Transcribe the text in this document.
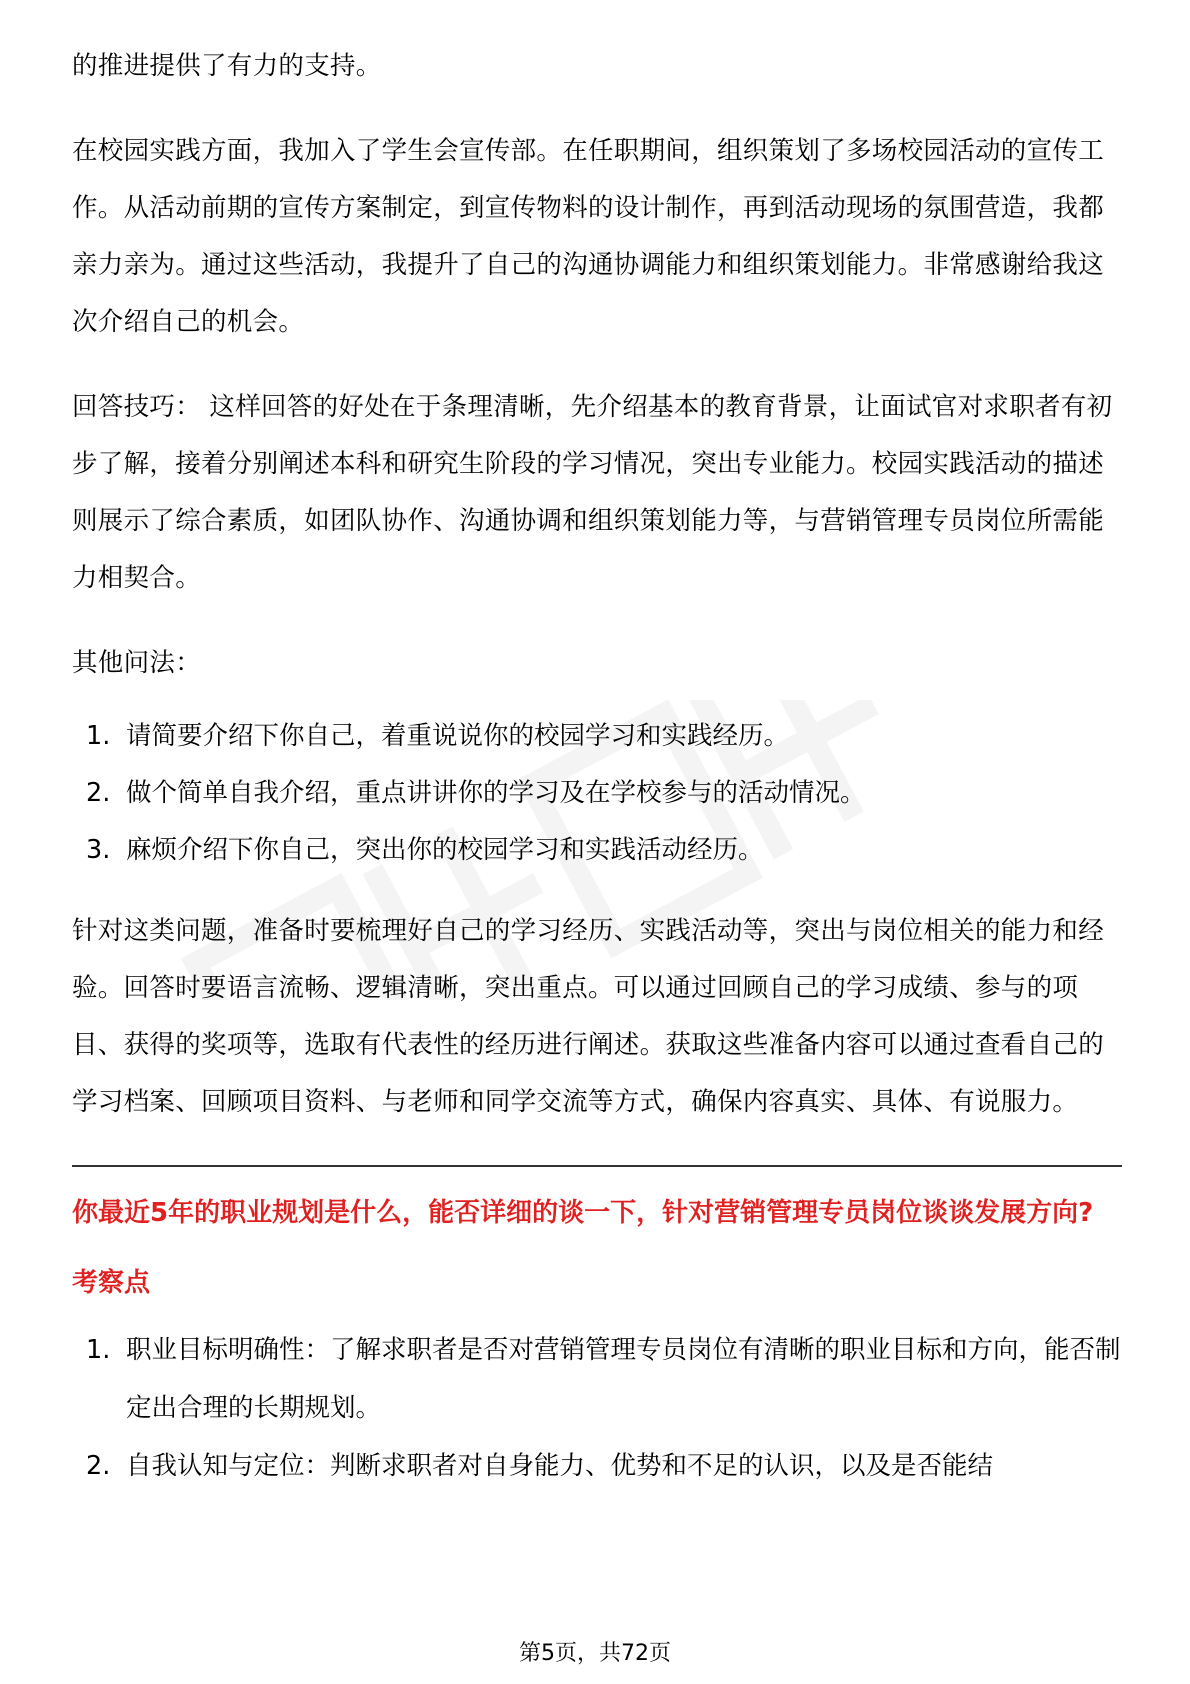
的推进提供了有力的支持。

在校园实践方面，我加入了学生会宣传部。在任职期间，组织策划了多场校园活动的宣传工作。从活动前期的宣传方案制定，到宣传物料的设计制作，再到活动现场的氛围营造，我都亲力亲为。通过这些活动，我提升了自己的沟通协调能力和组织策划能力。非常感谢给我这次介绍自己的机会。

回答技巧： 这样回答的好处在于条理清晰，先介绍基本的教育背景，让面试官对求职者有初步了解，接着分别阐述本科和研究生阶段的学习情况，突出专业能力。校园实践活动的描述则展示了综合素质，如团队协作、沟通协调和组织策划能力等，与营销管理专员岗位所需能力相契合。

其他问法：

1. 请简要介绍下你自己，着重说说你的校园学习和实践经历。
2. 做个简单自我介绍，重点讲讲你的学习及在学校参与的活动情况。
3. 麻烦介绍下你自己，突出你的校园学习和实践活动经历。

针对这类问题，准备时要梳理好自己的学习经历、实践活动等，突出与岗位相关的能力和经验。回答时要语言流畅、逻辑清晰，突出重点。可以通过回顾自己的学习成绩、参与的项目、获得的奖项等，选取有代表性的经历进行阐述。获取这些准备内容可以通过查看自己的学习档案、回顾项目资料、与老师和同学交流等方式，确保内容真实、具体、有说服力。

你最近5年的职业规划是什么，能否详细的谈一下，针对营销管理专员岗位谈谈发展方向?
考察点
1. 职业目标明确性：了解求职者是否对营销管理专员岗位有清晰的职业目标和方向，能否制定出合理的长期规划。
2. 自我认知与定位：判断求职者对自身能力、优势和不足的认识，以及是否能结
第5页，共72页
